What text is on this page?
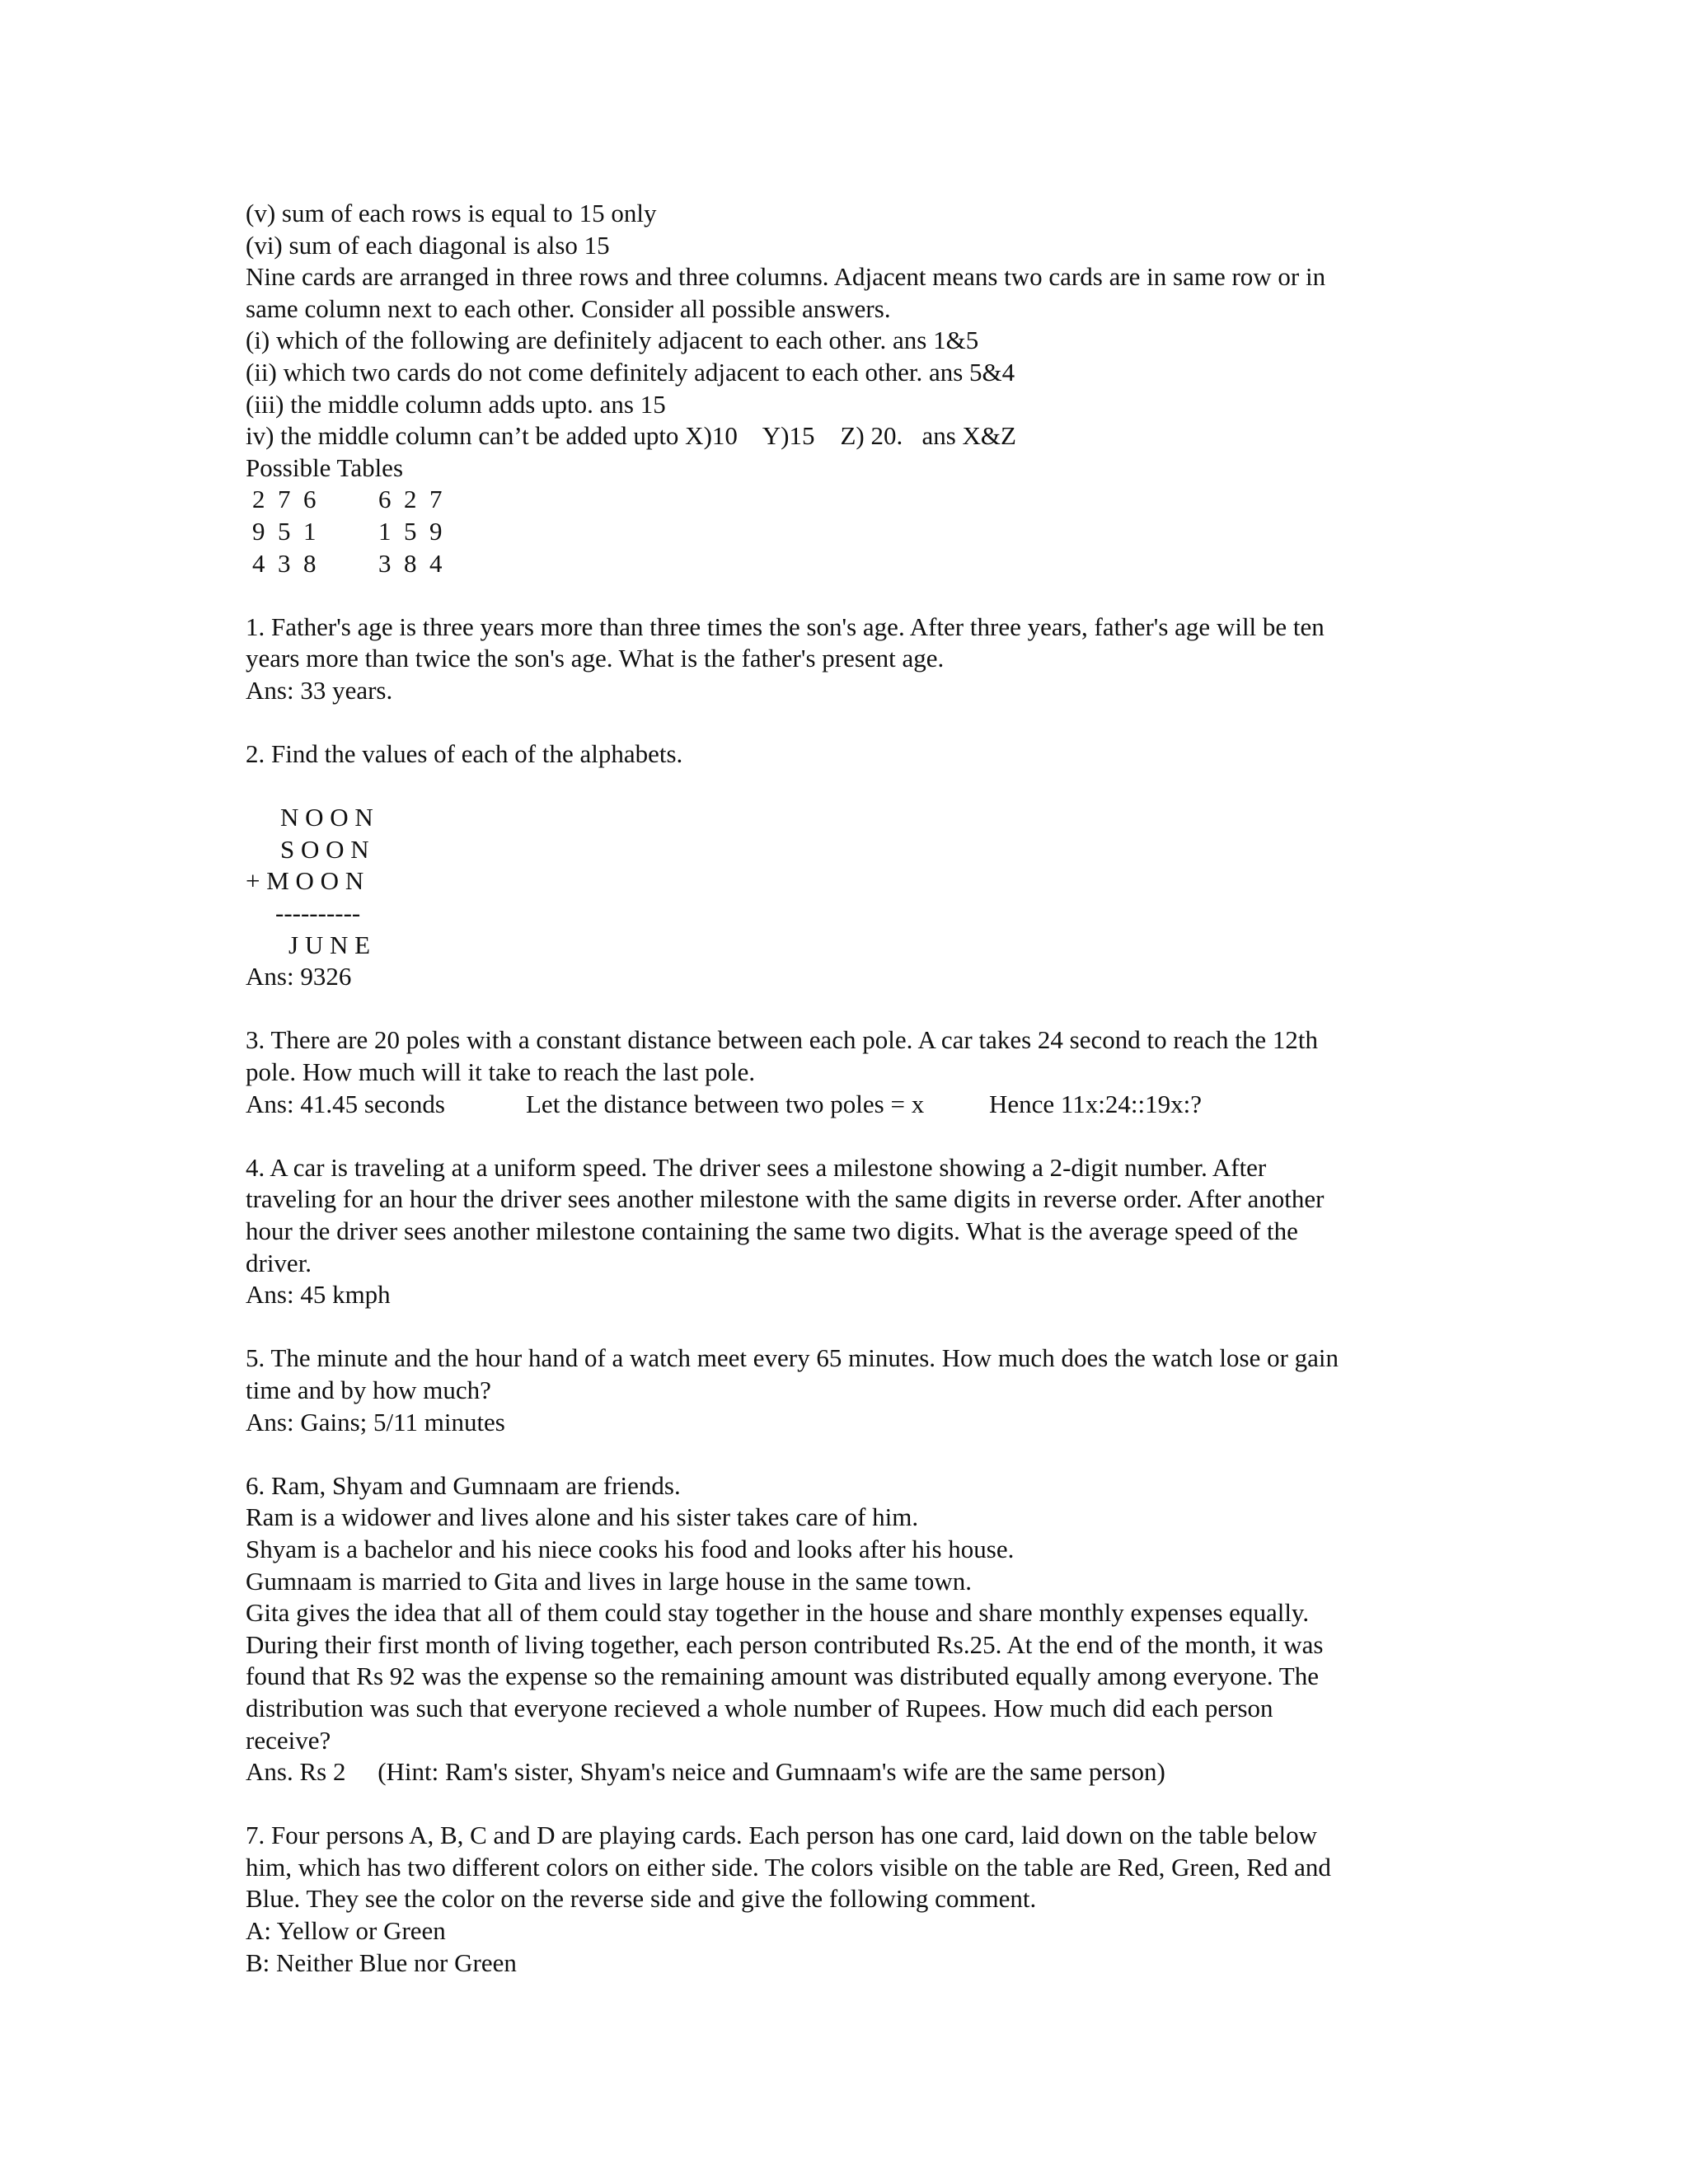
(v) sum of each rows is equal to 15 only
(vi) sum of each diagonal is also 15
Nine cards are arranged in three rows and three columns. Adjacent means two cards are in same row or in
same column next to each other. Consider all possible answers.
(i) which of the following are definitely adjacent to each other. ans 1&5
(ii) which two cards do not come definitely adjacent to each other. ans 5&4
(iii) the middle column adds upto. ans 15
iv) the middle column can’t be added upto X)10    Y)15    Z) 20.   ans X&Z
Possible Tables
2  7  6
9  5  1
4  3  8
6  2  7
1  5  9
3  8  4
1. Father's age is three years more than three times the son's age. After three years, father's age will be ten
years more than twice the son's age. What is the father's present age.
Ans: 33 years.
2. Find the values of each of the alphabets.
N O O N
S O O N
+ M O O N
----------
J U N E
Ans: 9326
3. There are 20 poles with a constant distance between each pole. A car takes 24 second to reach the 12th
pole. How much will it take to reach the last pole.
Ans: 41.45 seconds	Let the distance between two poles = x	Hence 11x:24::19x:?
4. A car is traveling at a uniform speed. The driver sees a milestone showing a 2-digit number. After
traveling for an hour the driver sees another milestone with the same digits in reverse order. After another
hour the driver sees another milestone containing the same two digits. What is the average speed of the
driver.
Ans: 45 kmph
5. The minute and the hour hand of a watch meet every 65 minutes. How much does the watch lose or gain
time and by how much?
Ans: Gains; 5/11 minutes
6. Ram, Shyam and Gumnaam are friends.
Ram is a widower and lives alone and his sister takes care of him.
Shyam is a bachelor and his niece cooks his food and looks after his house.
Gumnaam is married to Gita and lives in large house in the same town.
Gita gives the idea that all of them could stay together in the house and share monthly expenses equally.
During their first month of living together, each person contributed Rs.25. At the end of the month, it was
found that Rs 92 was the expense so the remaining amount was distributed equally among everyone. The
distribution was such that everyone recieved a whole number of Rupees. How much did each person
receive?
Ans. Rs 2     (Hint: Ram's sister, Shyam's neice and Gumnaam's wife are the same person)
7. Four persons A, B, C and D are playing cards. Each person has one card, laid down on the table below
him, which has two different colors on either side. The colors visible on the table are Red, Green, Red and
Blue. They see the color on the reverse side and give the following comment.
A: Yellow or Green
B: Neither Blue nor Green
